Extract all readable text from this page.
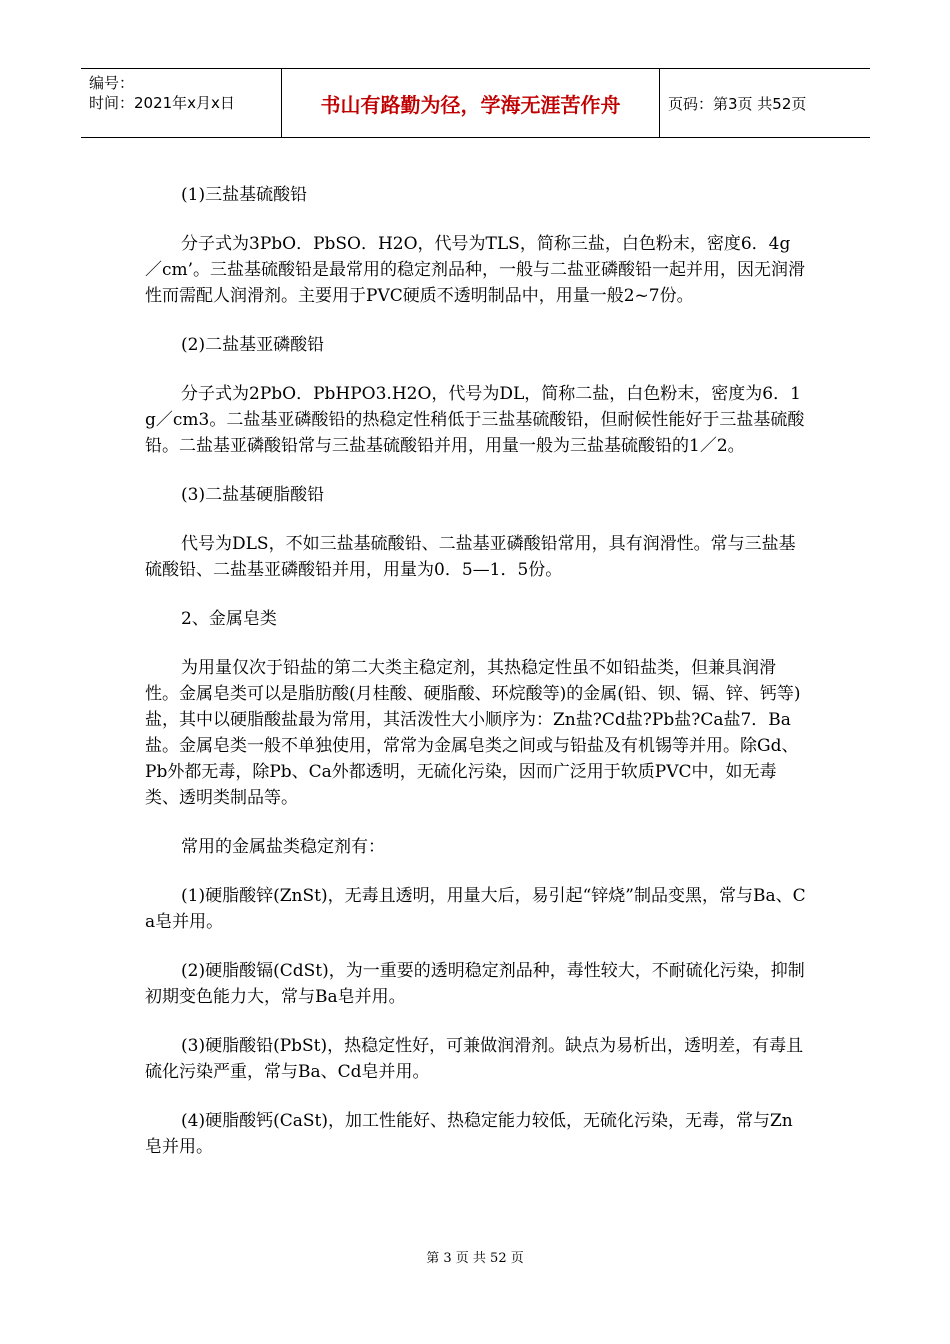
编号：
时间：2021年x月x日	书山有路勤为径，学海无涯苦作舟	页码：第3页 共52页

(1)三盐基硫酸铅

分子式为3PbO．PbSO．H2O，代号为TLS，简称三盐，白色粉末，密度6．4g／cm’。三盐基硫酸铅是最常用的稳定剂品种，一般与二盐亚磷酸铅一起并用，因无润滑性而需配人润滑剂。主要用于PVC硬质不透明制品中，用量一般2~7份。

(2)二盐基亚磷酸铅

分子式为2PbO．PbHPO3.H2O，代号为DL，简称二盐，白色粉末，密度为6．1g／cm3。二盐基亚磷酸铅的热稳定性稍低于三盐基硫酸铅，但耐候性能好于三盐基硫酸铅。二盐基亚磷酸铅常与三盐基硫酸铅并用，用量一般为三盐基硫酸铅的1／2。

(3)二盐基硬脂酸铅

代号为DLS，不如三盐基硫酸铅、二盐基亚磷酸铅常用，具有润滑性。常与三盐基硫酸铅、二盐基亚磷酸铅并用，用量为0．5—1．5份。

2、金属皂类

为用量仅次于铅盐的第二大类主稳定剂，其热稳定性虽不如铅盐类，但兼具润滑性。金属皂类可以是脂肪酸(月桂酸、硬脂酸、环烷酸等)的金属(铅、钡、镉、锌、钙等)盐，其中以硬脂酸盐最为常用，其活泼性大小顺序为：Zn盐?Cd盐?Pb盐?Ca盐7．Ba盐。金属皂类一般不单独使用，常常为金属皂类之间或与铅盐及有机锡等并用。除Gd、Pb外都无毒，除Pb、Ca外都透明，无硫化污染，因而广泛用于软质PVC中，如无毒类、透明类制品等。

常用的金属盐类稳定剂有：

(1)硬脂酸锌(ZnSt)，无毒且透明，用量大后，易引起“锌烧”制品变黑，常与Ba、Ca皂并用。

(2)硬脂酸镉(CdSt)，为一重要的透明稳定剂品种，毒性较大，不耐硫化污染，抑制初期变色能力大，常与Ba皂并用。

(3)硬脂酸铅(PbSt)，热稳定性好，可兼做润滑剂。缺点为易析出，透明差，有毒且硫化污染严重，常与Ba、Cd皂并用。

(4)硬脂酸钙(CaSt)，加工性能好、热稳定能力较低，无硫化污染，无毒，常与Zn皂并用。

第 3 页 共 52 页
